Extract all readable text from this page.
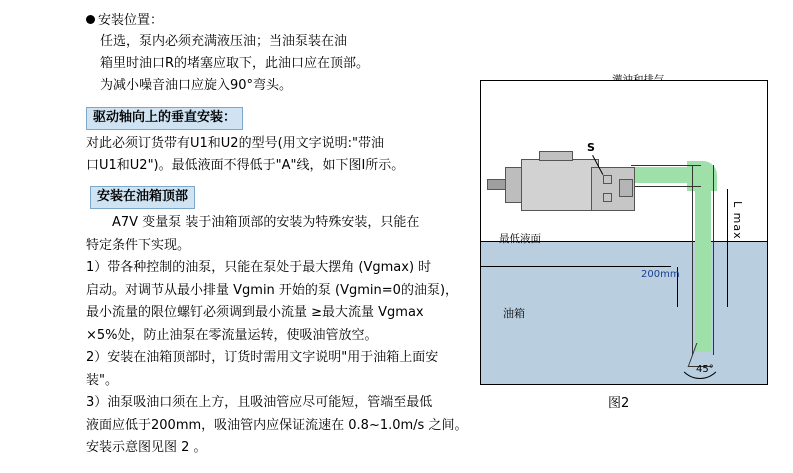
安装位置：
任选，泵内必须充满液压油；当油泵装在油
箱里时油口R的堵塞应取下，此油口应在顶部。
为减小噪音油口应旋入90°弯头。
驱动轴向上的垂直安装：
对此必须订货带有U1和U2的型号(用文字说明:"带油
口U1和U2")。最低液面不得低于"A"线，如下图I所示。
安装在油箱顶部

A7V 变量泵 装于油箱顶部的安装为特殊安装，只能在

特定条件下实现。

1）带各种控制的油泵，只能在泵处于最大摆角 (Vgmax) 时

启动。对调节从最小排量 Vgmin 开始的泵 (Vgmin=0的油泵)，

最小流量的限位螺钉必须调到最小流量 ≥最大流量 Vgmax

×5%处，防止油泵在零流量运转，使吸油管放空。

2）安装在油箱顶部时，订货时需用文字说明"用于油箱上面安

装"。

3）油泵吸油口须在上方，且吸油管应尽可能短，管端至最低

液面应低于200mm，吸油管内应保证流速在 0.8~1.0m/s 之间。

安装示意图见图 2 。

S
最低液面
油箱
L max
200mm
45°
图2
